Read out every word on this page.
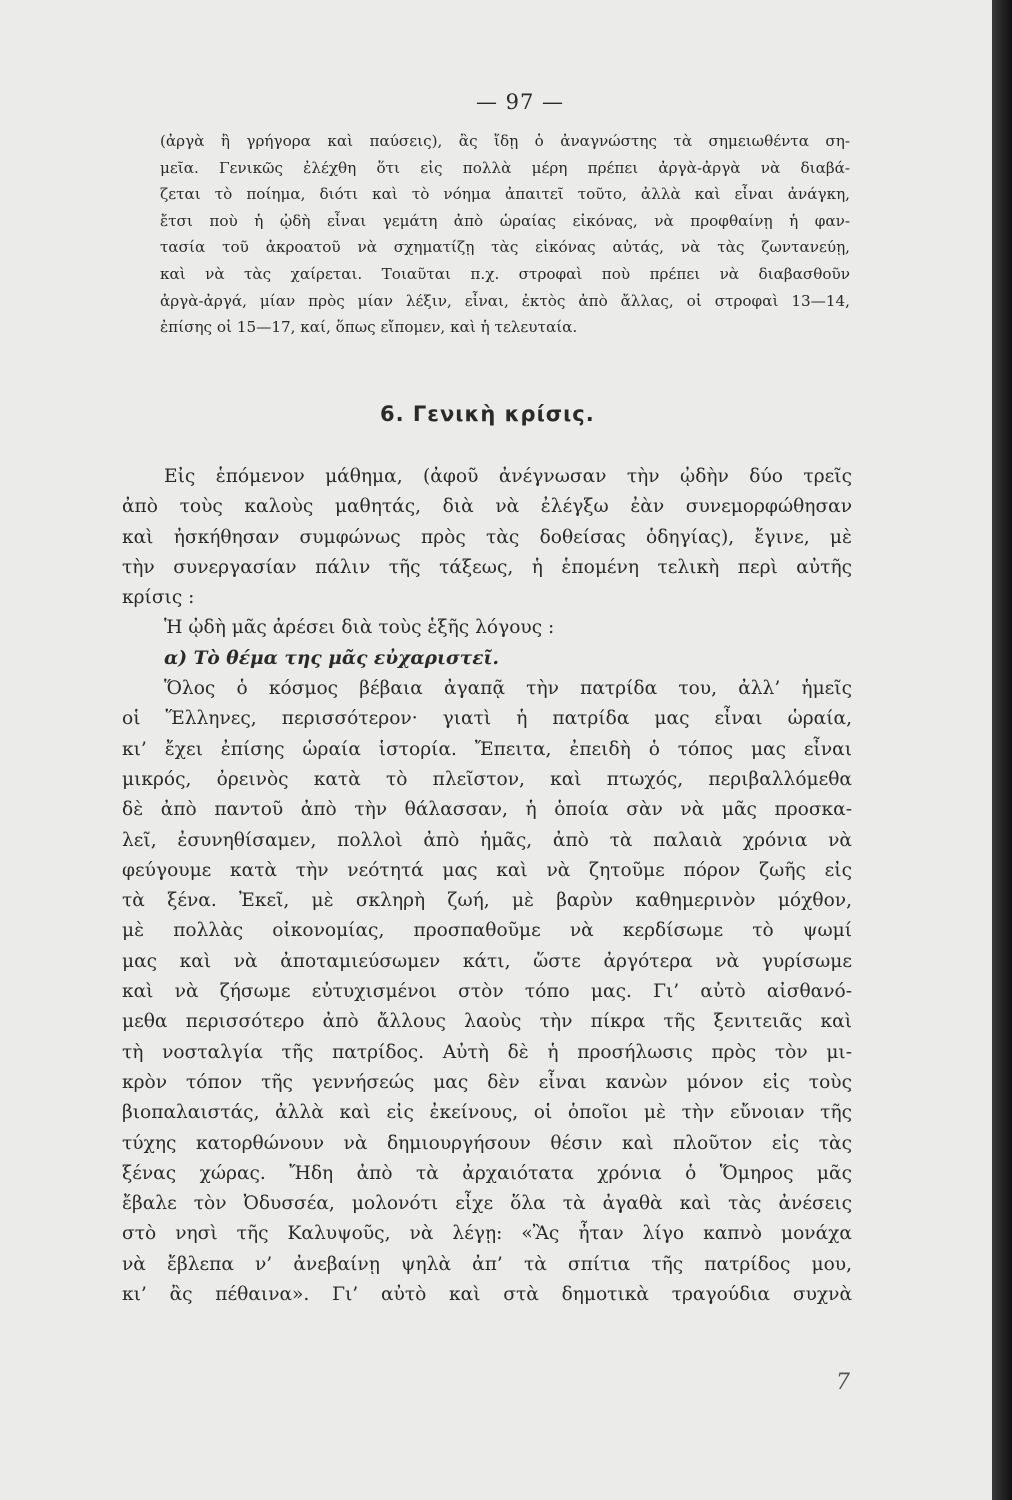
— 97 —

(ἀργὰ ἢ γρήγορα καὶ παύσεις), ἂς ἴδῃ ὁ ἀναγνώστης τὰ σημειωθέντα ση-
μεῖα. Γενικῶς ἐλέχθη ὅτι εἰς πολλὰ μέρη πρέπει ἀργὰ-ἀργὰ νὰ διαβά-
ζεται τὸ ποίημα, διότι καὶ τὸ νόημα ἀπαιτεῖ τοῦτο, ἀλλὰ καὶ εἶναι ἀνάγκη,
ἔτσι ποὺ ἡ ᾠδὴ εἶναι γεμάτη ἀπὸ ὡραίας εἰκόνας, νὰ προφθαίνῃ ἡ φαν-
τασία τοῦ ἀκροατοῦ νὰ σχηματίζῃ τὰς εἰκόνας αὐτάς, νὰ τὰς ζωντανεύῃ,
καὶ νὰ τὰς χαίρεται. Τοιαῦται π.χ. στροφαὶ ποὺ πρέπει νὰ διαβασθοῦν
ἀργὰ-ἀργά, μίαν πρὸς μίαν λέξιν, εἶναι, ἐκτὸς ἀπὸ ἄλλας, οἱ στροφαὶ 13—14,
ἐπίσης οἱ 15—17, καί, ὅπως εἴπομεν, καὶ ἡ τελευταία.

6. Γενικὴ κρίσις.

Εἰς ἑπόμενον μάθημα, (ἀφοῦ ἀνέγνωσαν τὴν ᾠδὴν δύο τρεῖς
ἀπὸ τοὺς καλοὺς μαθητάς, διὰ νὰ ἐλέγξω ἐὰν συνεμορφώθησαν
καὶ ἠσκήθησαν συμφώνως πρὸς τὰς δοθείσας ὁδηγίας), ἔγινε, μὲ
τὴν συνεργασίαν πάλιν τῆς τάξεως, ἡ ἑπομένη τελικὴ περὶ αὐτῆς
κρίσις :
Ἡ ᾠδὴ μᾶς ἀρέσει διὰ τοὺς ἑξῆς λόγους :
α) Τὸ θέμα της μᾶς εὐχαριστεῖ.
Ὅλος ὁ κόσμος βέβαια ἀγαπᾷ τὴν πατρίδα του, ἀλλ’ ἡμεῖς
οἱ Ἕλληνες, περισσότερον· γιατὶ ἡ πατρίδα μας εἶναι ὡραία,
κι’ ἔχει ἐπίσης ὡραία ἱστορία. Ἔπειτα, ἐπειδὴ ὁ τόπος μας εἶναι
μικρός, ὀρεινὸς κατὰ τὸ πλεῖστον, καὶ πτωχός, περιβαλλόμεθα
δὲ ἀπὸ παντοῦ ἀπὸ τὴν θάλασσαν, ἡ ὁποία σὰν νὰ μᾶς προσκα-
λεῖ, ἐσυνηθίσαμεν, πολλοὶ ἀπὸ ἡμᾶς, ἀπὸ τὰ παλαιὰ χρόνια νὰ
φεύγουμε κατὰ τὴν νεότητά μας καὶ νὰ ζητοῦμε πόρον ζωῆς εἰς
τὰ ξένα. Ἐκεῖ, μὲ σκληρὴ ζωή, μὲ βαρὺν καθημερινὸν μόχθον,
μὲ πολλὰς οἰκονομίας, προσπαθοῦμε νὰ κερδίσωμε τὸ ψωμί
μας καὶ νὰ ἀποταμιεύσωμεν κάτι, ὥστε ἀργότερα νὰ γυρίσωμε
καὶ νὰ ζήσωμε εὐτυχισμένοι στὸν τόπο μας. Γι’ αὐτὸ αἰσθανό-
μεθα περισσότερο ἀπὸ ἄλλους λαοὺς τὴν πίκρα τῆς ξενιτειᾶς καὶ
τὴ νοσταλγία τῆς πατρίδος. Αὐτὴ δὲ ἡ προσήλωσις πρὸς τὸν μι-
κρὸν τόπον τῆς γεννήσεώς μας δὲν εἶναι κανὼν μόνον εἰς τοὺς
βιοπαλαιστάς, ἀλλὰ καὶ εἰς ἐκείνους, οἱ ὁποῖοι μὲ τὴν εὔνοιαν τῆς
τύχης κατορθώνουν νὰ δημιουργήσουν θέσιν καὶ πλοῦτον εἰς τὰς
ξένας χώρας. Ἤδη ἀπὸ τὰ ἀρχαιότατα χρόνια ὁ Ὅμηρος μᾶς
ἔβαλε τὸν Ὀδυσσέα, μολονότι εἶχε ὅλα τὰ ἀγαθὰ καὶ τὰς ἀνέσεις
στὸ νησὶ τῆς Καλυψοῦς, νὰ λέγῃ: «Ἂς ἦταν λίγο καπνὸ μονάχα
νὰ ἔβλεπα ν’ ἀνεβαίνῃ ψηλὰ ἀπ’ τὰ σπίτια τῆς πατρίδος μου,
κι’ ἂς πέθαινα». Γι’ αὐτὸ καὶ στὰ δημοτικὰ τραγούδια συχνὰ

7
